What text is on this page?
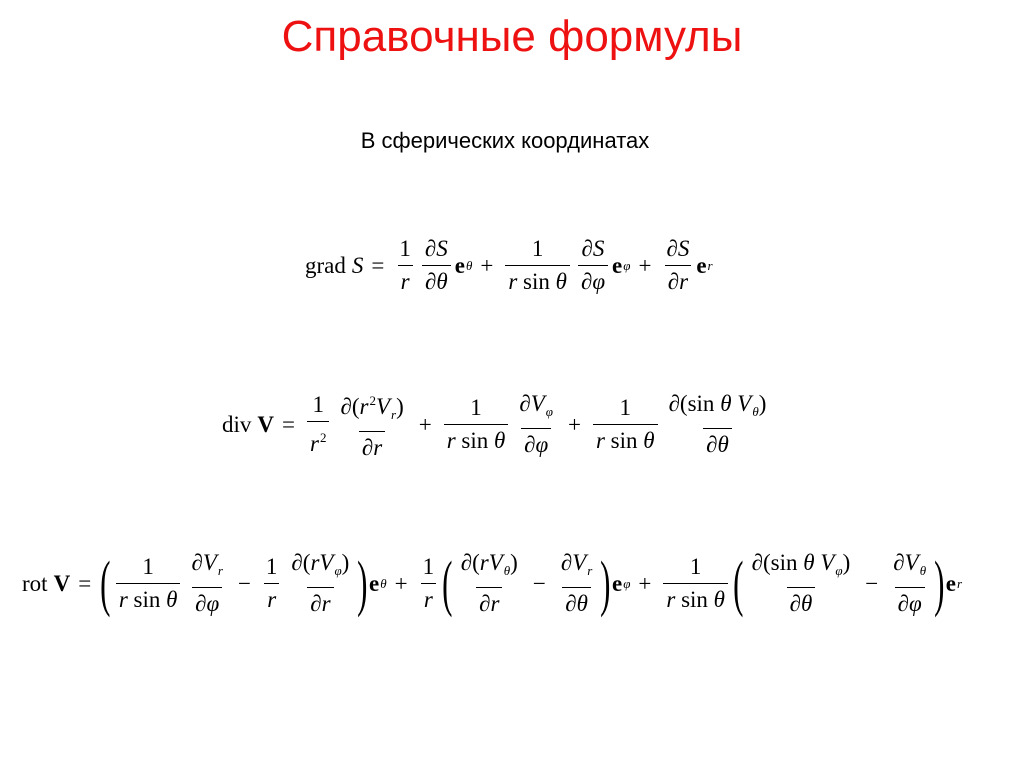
Справочные формулы
В сферических координатах
grad $S = \frac{1}{r} \frac{\partial S}{\partial\theta}$ e $\theta + \frac{1}{\text{r sin θ}} \frac{\partial S}{\partial\varphi}$ e $\varphi + \frac{\partial S}{\partial r}$ e r
div $V = \frac{1}{r^2} \frac{\partial(r^2V_r)}{\partial r} + \frac{1}{\text{r sin θ}} \frac{\partial V_\varphi}{\partial\varphi} + \frac{1}{\text{r sin θ}} \frac{\partial(\sin \theta V_\theta)}{\partial\theta}$
rot V = ( $\frac{1}{\text{r sin θ}} \frac{\partial V_r}{\partial\varphi} - \frac{1}{r} \frac{\partial(rV_\varphi)}{\partial r}$ ) e $\theta + \frac{1}{r}$ ( $\frac{\partial(rV_\theta)}{\partial r} - \frac{\partial V_r}{\partial\theta}$ ) e $\varphi + \frac{1}{\text{r sin θ}}$ ( $\frac{\partial(\sin \theta V_\varphi)}{\partial\theta} - \frac{\partial V_\theta}{\partial\varphi}$ ) e r
